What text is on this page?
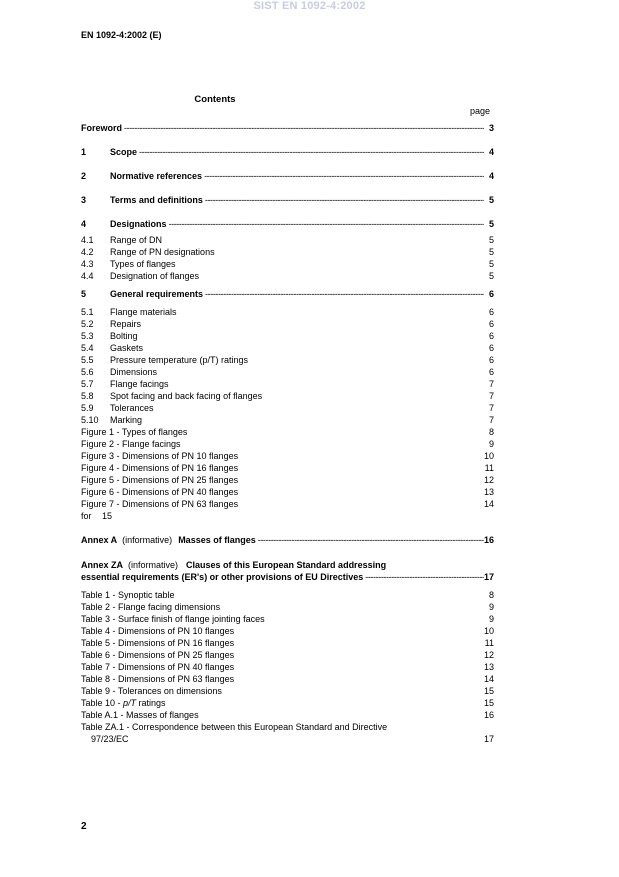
SIST EN 1092-4:2002
EN 1092-4:2002 (E)
Contents
page
Foreword -----	3
1	Scope -----	4
2	Normative references -----	4
3	Terms and definitions -----	5
4	Designations -----	5
4.1	Range of DN	5
4.2	Range of PN designations	5
4.3	Types of flanges	5
4.4	Designation of flanges	5
5	General requirements -----	6
5.1	Flange materials	6
5.2	Repairs	6
5.3	Bolting	6
5.4	Gaskets	6
5.5	Pressure temperature (p/T) ratings	6
5.6	Dimensions	6
5.7	Flange facings	7
5.8	Spot facing and back facing of flanges	7
5.9	Tolerances	7
5.10	Marking	7
Figure 1 - Types of flanges	8
Figure 2 - Flange facings	9
Figure 3 - Dimensions of PN 10 flanges	10
Figure 4 - Dimensions of PN 16 flanges	11
Figure 5 - Dimensions of PN 25 flanges	12
Figure 6 - Dimensions of PN 40 flanges	13
Figure 7 - Dimensions of PN 63 flanges	14
for	15
Annex A (informative) Masses of flanges -----	16
Annex ZA (informative) Clauses of this European Standard addressing
essential requirements (ER's) or other provisions of EU Directives -----	17
Table 1 - Synoptic table	8
Table 2 - Flange facing dimensions	9
Table 3 - Surface finish of flange jointing faces	9
Table 4 - Dimensions of PN 10 flanges	10
Table 5 - Dimensions of PN 16 flanges	11
Table 6 - Dimensions of PN 25 flanges	12
Table 7 - Dimensions of PN 40 flanges	13
Table 8 - Dimensions of PN 63 flanges	14
Table 9 - Tolerances on dimensions	15
Table 10 - p/T ratings	15
Table A.1 - Masses of flanges	16
Table ZA.1 - Correspondence between this European Standard and Directive
97/23/EC	17
2
